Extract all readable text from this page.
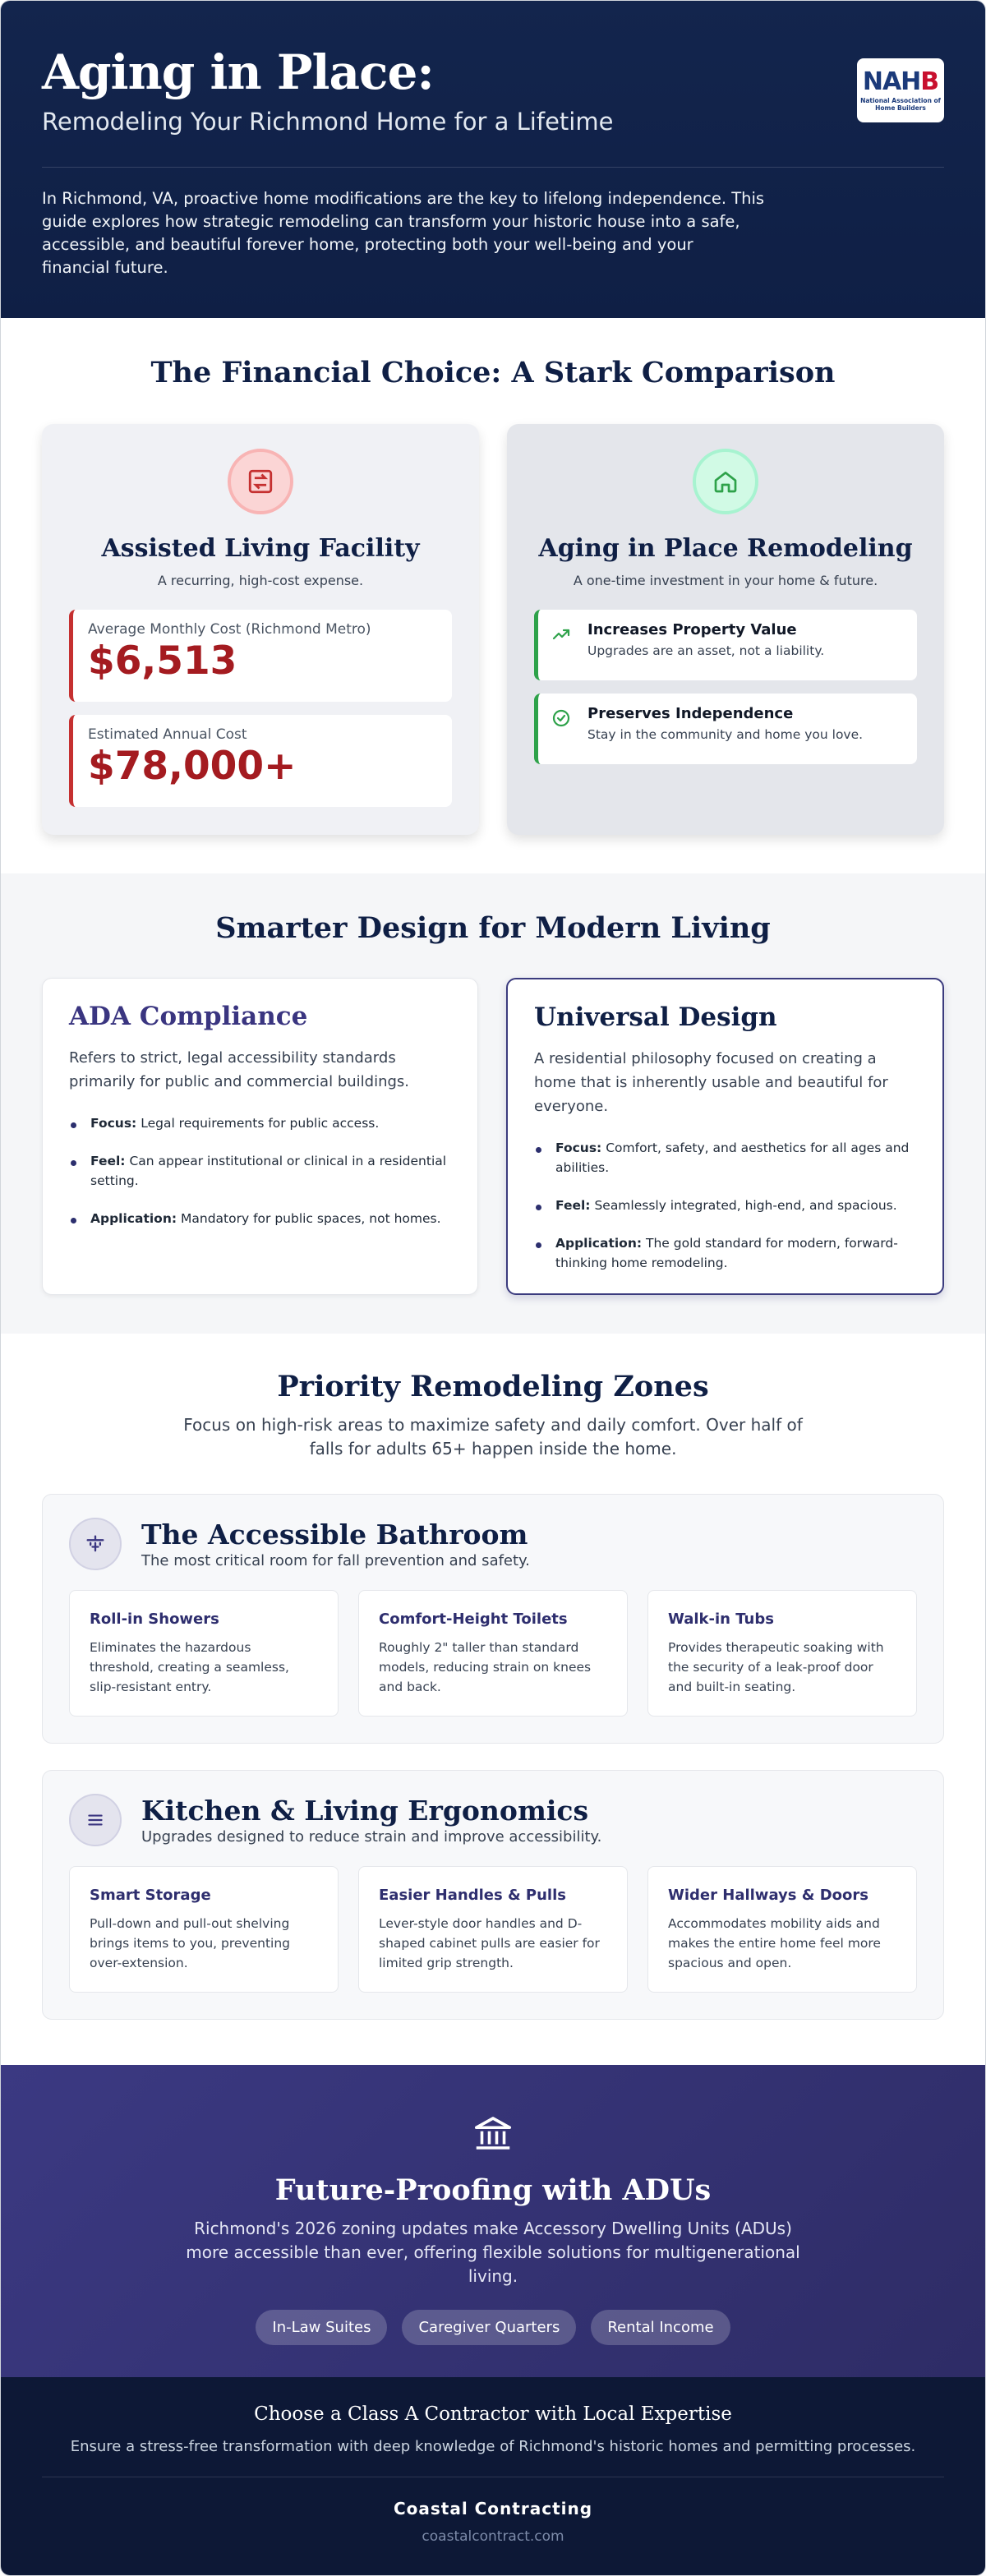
Aging in Place:
Remodeling Your Richmond Home for a Lifetime

In Richmond, VA, proactive home modifications are the key to lifelong independence. This guide explores how strategic remodeling can transform your historic house into a safe, accessible, and beautiful forever home, protecting both your well-being and your financial future.

NAHB
National Association of Home Builders
The Financial Choice: A Stark Comparison
Assisted Living Facility
A recurring, high-cost expense.
Average Monthly Cost (Richmond Metro)
$6,513
Estimated Annual Cost
$78,000+
Aging in Place Remodeling
A one-time investment in your home & future.
Increases Property Value
Upgrades are an asset, not a liability.
Preserves Independence
Stay in the community and home you love.
Smarter Design for Modern Living
ADA Compliance

Refers to strict, legal accessibility standards primarily for public and commercial buildings.

Focus: Legal requirements for public access.
Feel: Can appear institutional or clinical in a residential setting.
Application: Mandatory for public spaces, not homes.
Universal Design

A residential philosophy focused on creating a home that is inherently usable and beautiful for everyone.

Focus: Comfort, safety, and aesthetics for all ages and abilities.
Feel: Seamlessly integrated, high-end, and spacious.
Application: The gold standard for modern, forward-thinking home remodeling.
Priority Remodeling Zones

Focus on high-risk areas to maximize safety and daily comfort. Over half of falls for adults 65+ happen inside the home.

The Accessible Bathroom
The most critical room for fall prevention and safety.
Roll-in Showers
Eliminates the hazardous threshold, creating a seamless, slip-resistant entry.
Comfort-Height Toilets
Roughly 2" taller than standard models, reducing strain on knees and back.
Walk-in Tubs
Provides therapeutic soaking with the security of a leak-proof door and built-in seating.
Kitchen & Living Ergonomics
Upgrades designed to reduce strain and improve accessibility.
Smart Storage
Pull-down and pull-out shelving brings items to you, preventing over-extension.
Easier Handles & Pulls
Lever-style door handles and D-shaped cabinet pulls are easier for limited grip strength.
Wider Hallways & Doors
Accommodates mobility aids and makes the entire home feel more spacious and open.
Future-Proofing with ADUs

Richmond's 2026 zoning updates make Accessory Dwelling Units (ADUs) more accessible than ever, offering flexible solutions for multigenerational living.

In-Law Suites	Caregiver Quarters	Rental Income
Choose a Class A Contractor with Local Expertise
Ensure a stress-free transformation with deep knowledge of Richmond's historic homes and permitting processes.
Coastal Contracting
coastalcontract.com
